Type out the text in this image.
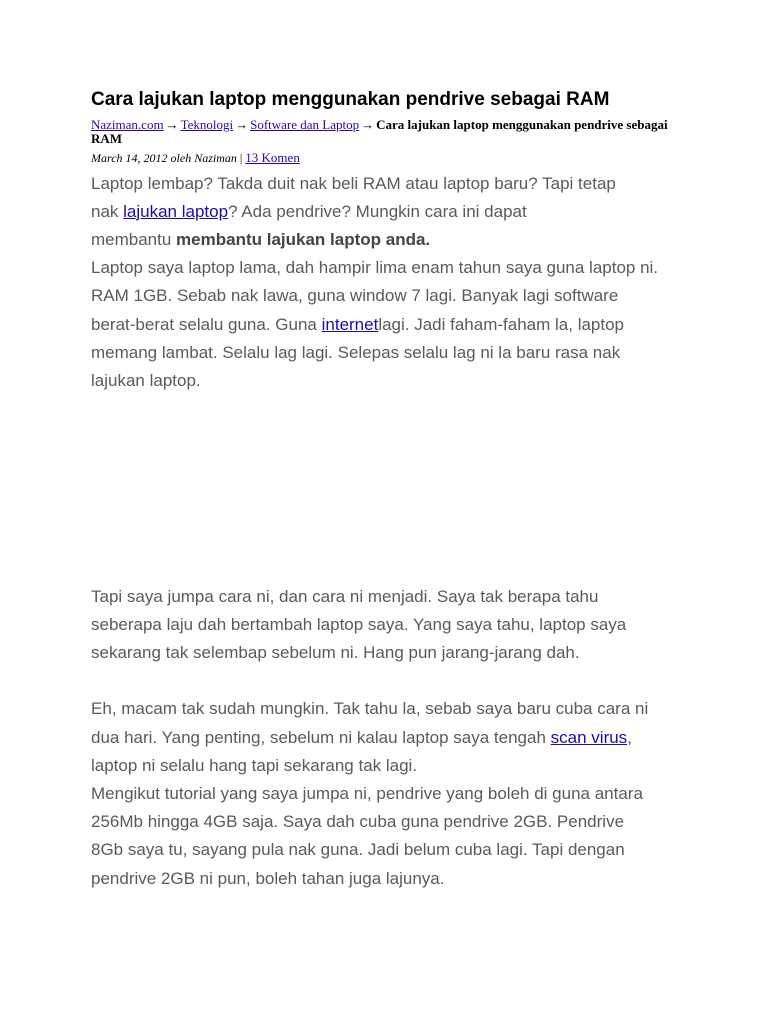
Cara lajukan laptop menggunakan pendrive sebagai RAM
Naziman.com → Teknologi → Software dan Laptop → Cara lajukan laptop menggunakan pendrive sebagai RAM
March 14, 2012 oleh Naziman | 13 Komen
Laptop lembap? Takda duit nak beli RAM atau laptop baru? Tapi tetap
nak lajukan laptop? Ada pendrive? Mungkin cara ini dapat
membantu membantu lajukan laptop anda.
Laptop saya laptop lama, dah hampir lima enam tahun saya guna laptop ni.
RAM 1GB. Sebab nak lawa, guna window 7 lagi. Banyak lagi software
berat-berat selalu guna. Guna internetlagi. Jadi faham-faham la, laptop
memang lambat. Selalu lag lagi. Selepas selalu lag ni la baru rasa nak
lajukan laptop.
Tapi saya jumpa cara ni, dan cara ni menjadi. Saya tak berapa tahu
seberapa laju dah bertambah laptop saya. Yang saya tahu, laptop saya
sekarang tak selembap sebelum ni. Hang pun jarang-jarang dah.
Eh, macam tak sudah mungkin. Tak tahu la, sebab saya baru cuba cara ni
dua hari. Yang penting, sebelum ni kalau laptop saya tengah scan virus,
laptop ni selalu hang tapi sekarang tak lagi.
Mengikut tutorial yang saya jumpa ni, pendrive yang boleh di guna antara
256Mb hingga 4GB saja. Saya dah cuba guna pendrive 2GB. Pendrive
8Gb saya tu, sayang pula nak guna. Jadi belum cuba lagi. Tapi dengan
pendrive 2GB ni pun, boleh tahan juga lajunya.
